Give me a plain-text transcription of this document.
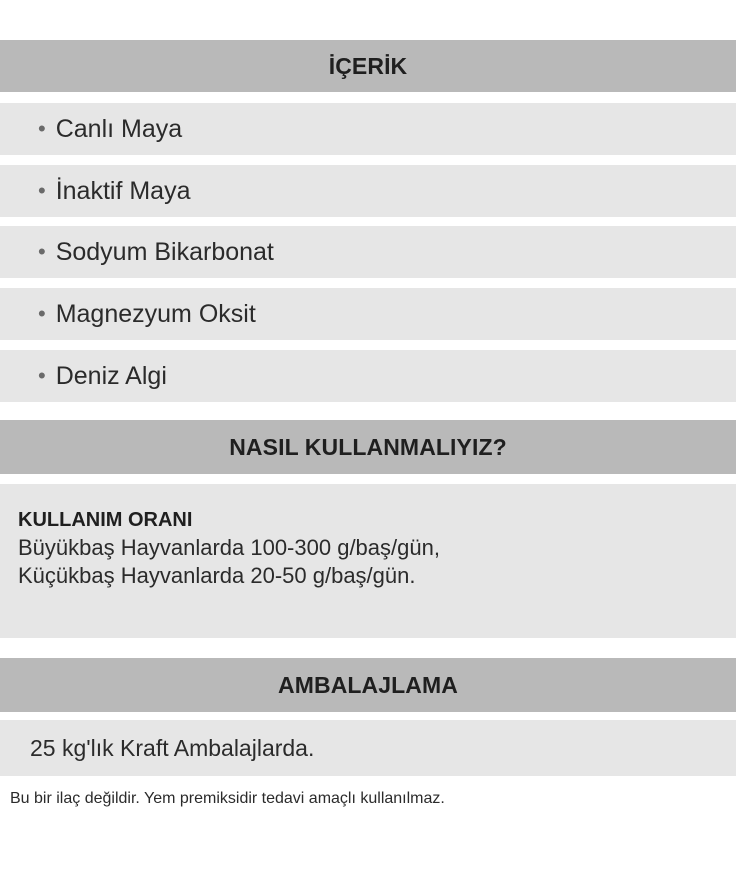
İÇERİK
• Canlı Maya
• İnaktif Maya
• Sodyum Bikarbonat
• Magnezyum Oksit
• Deniz Algi
NASIL KULLANMALIYIZ?
KULLANIM ORANI
Büyükbaş Hayvanlarda 100-300 g/baş/gün,
Küçükbaş Hayvanlarda 20-50 g/baş/gün.
AMBALAJLAMA
25 kg'lık Kraft Ambalajlarda.
Bu bir ilaç değildir. Yem premiksidir tedavi amaçlı kullanılmaz.
